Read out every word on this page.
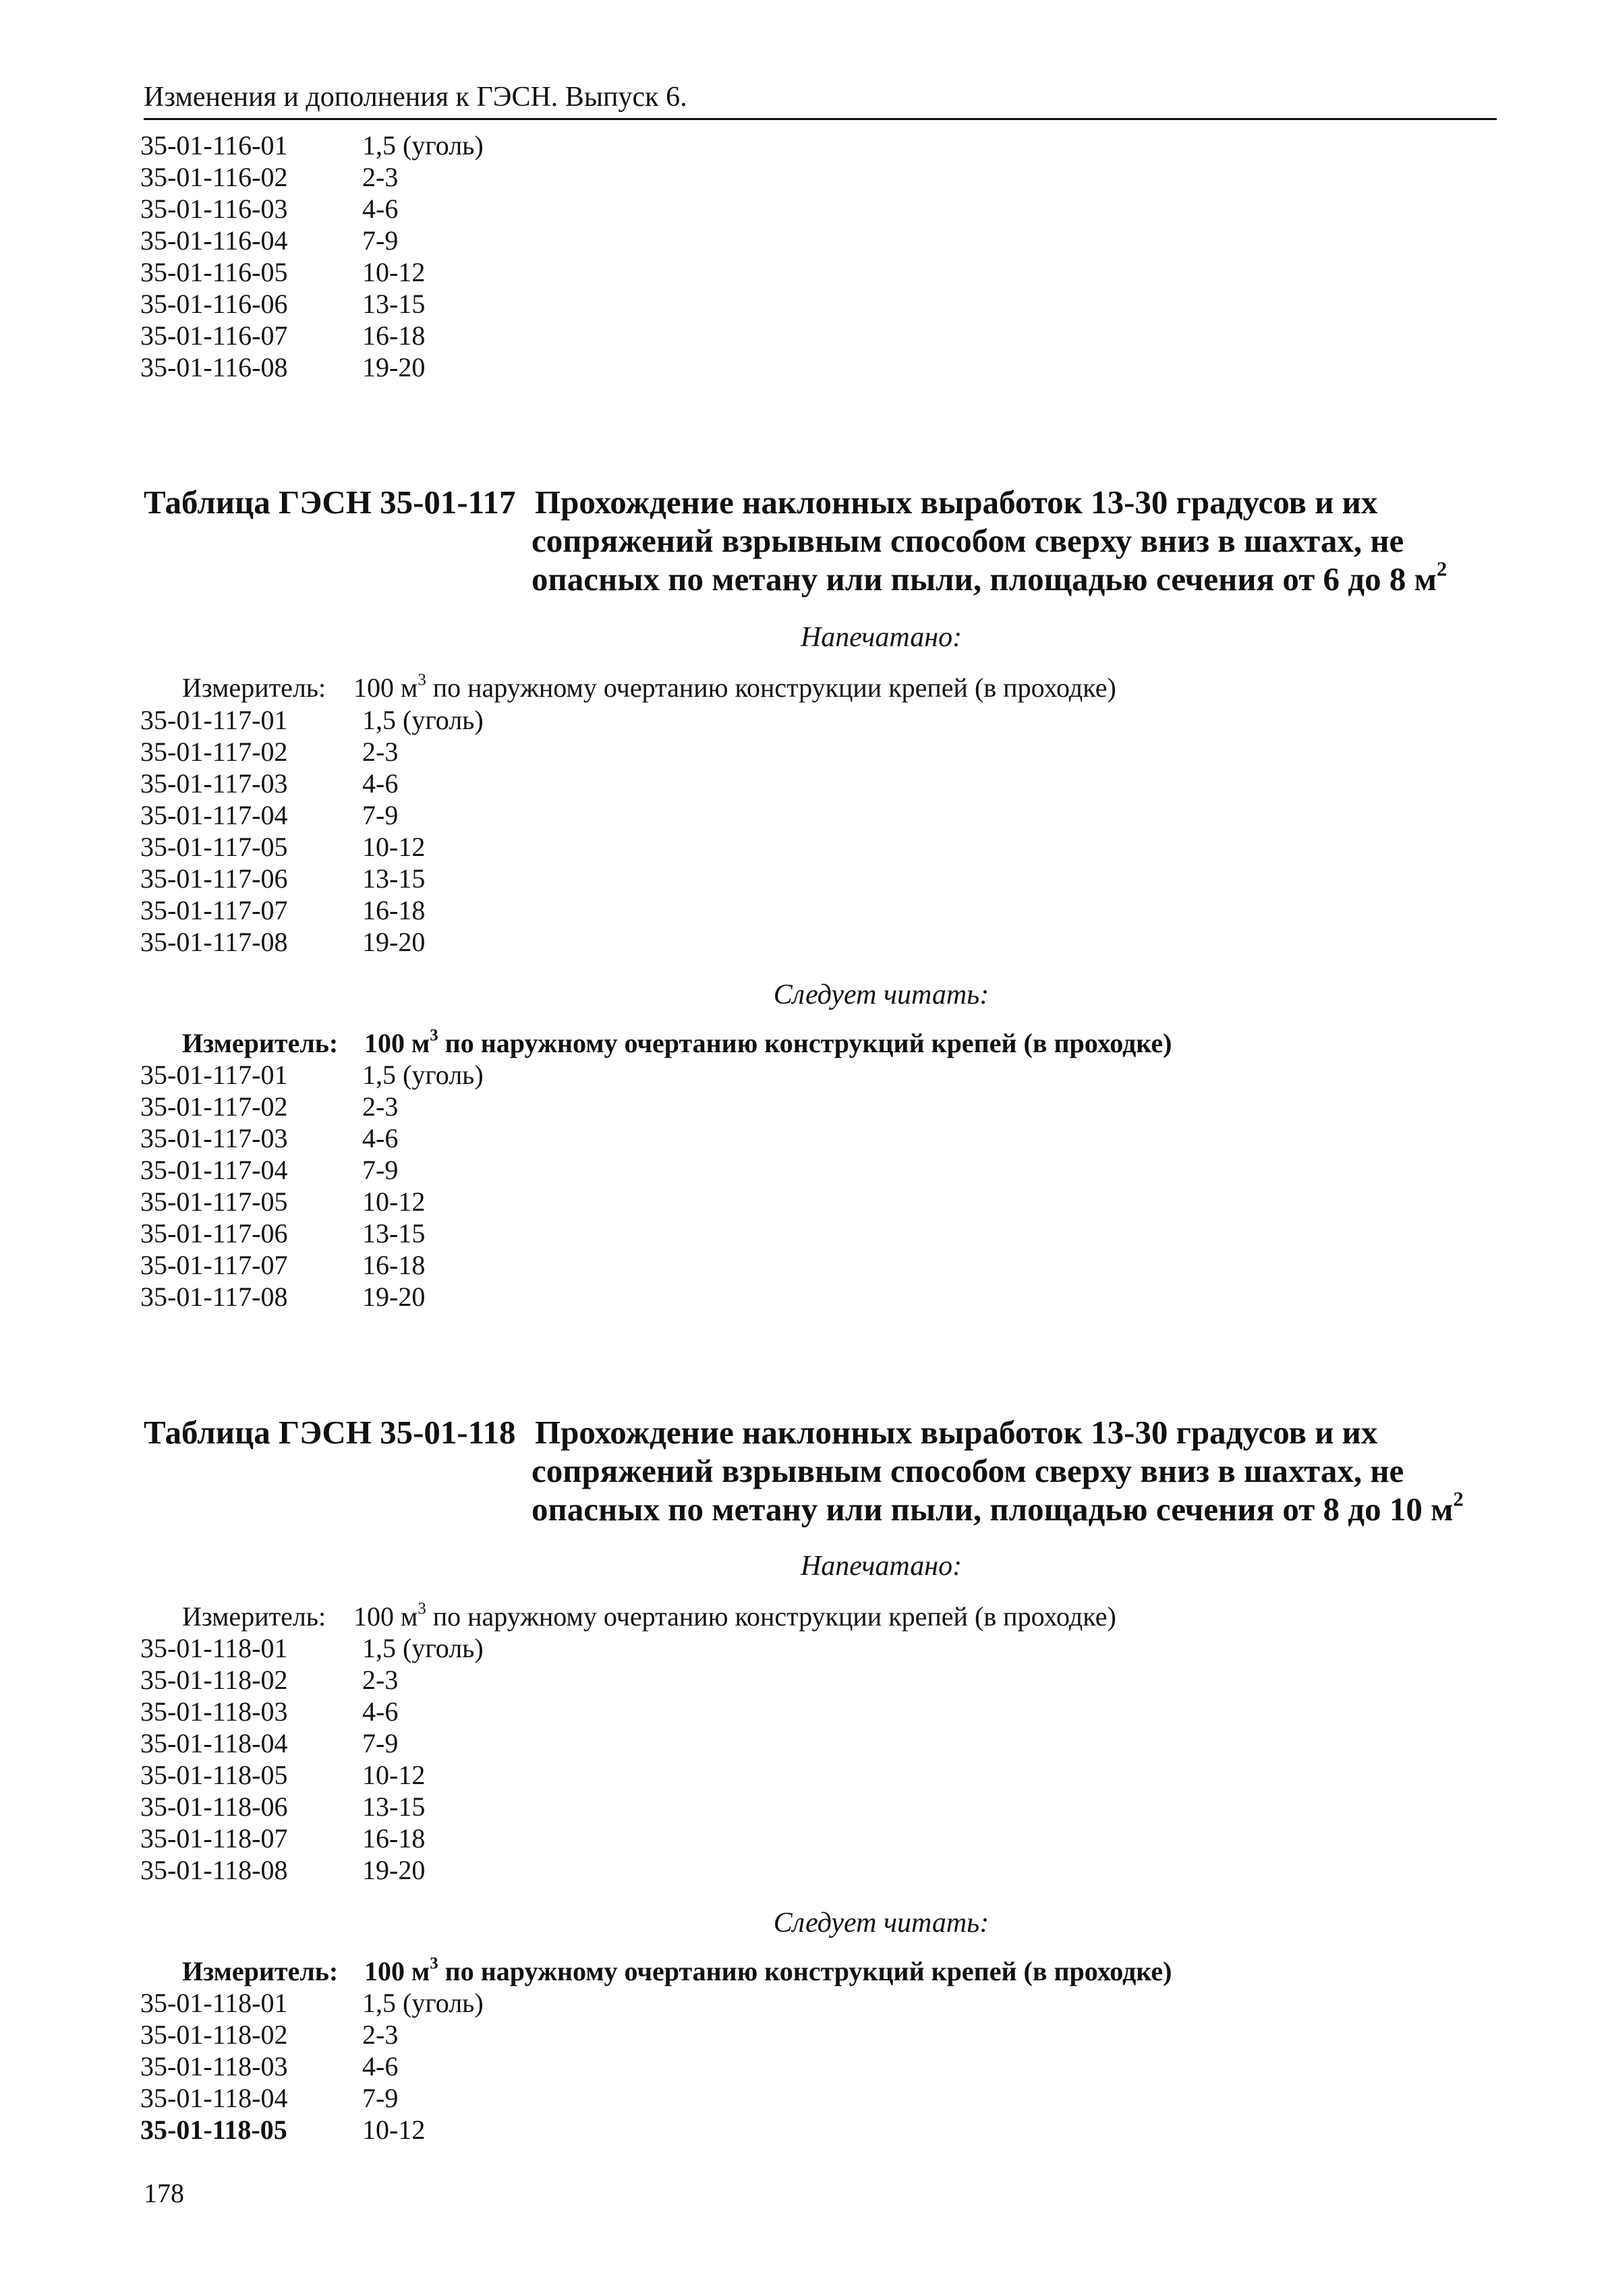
Изменения и дополнения к ГЭСН. Выпуск 6.
35-01-116-01	1,5 (уголь)
35-01-116-02	2-3
35-01-116-03	4-6
35-01-116-04	7-9
35-01-116-05	10-12
35-01-116-06	13-15
35-01-116-07	16-18
35-01-116-08	19-20
Таблица ГЭСН 35-01-117 Прохождение наклонных выработок 13-30 градусов и их
сопряжений взрывным способом сверху вниз в шахтах, не
опасных по метану или пыли, площадью сечения от 6 до 8 $м^2$
Напечатано:
Измеритель: 100 $м^3$ по наружному очертанию конструкции крепей (в проходке)
35-01-117-01	1,5 (уголь)
35-01-117-02	2-3
35-01-117-03	4-6
35-01-117-04	7-9
35-01-117-05	10-12
35-01-117-06	13-15
35-01-117-07	16-18
35-01-117-08	19-20
Следует читать:
Измеритель: 100 $м^3$ по наружному очертанию конструкций крепей (в проходке)
35-01-117-01	1,5 (уголь)
35-01-117-02	2-3
35-01-117-03	4-6
35-01-117-04	7-9
35-01-117-05	10-12
35-01-117-06	13-15
35-01-117-07	16-18
35-01-117-08	19-20
Таблица ГЭСН 35-01-118 Прохождение наклонных выработок 13-30 градусов и их
сопряжений взрывным способом сверху вниз в шахтах, не
опасных по метану или пыли, площадью сечения от 8 до 10 $м^2$
Напечатано:
Измеритель: 100 $м^3$ по наружному очертанию конструкции крепей (в проходке)
35-01-118-01	1,5 (уголь)
35-01-118-02	2-3
35-01-118-03	4-6
35-01-118-04	7-9
35-01-118-05	10-12
35-01-118-06	13-15
35-01-118-07	16-18
35-01-118-08	19-20
Следует читать:
Измеритель: 100 $м^3$ по наружному очертанию конструкций крепей (в проходке)
35-01-118-01	1,5 (уголь)
35-01-118-02	2-3
35-01-118-03	4-6
35-01-118-04	7-9
35-01-118-05	10-12
178
